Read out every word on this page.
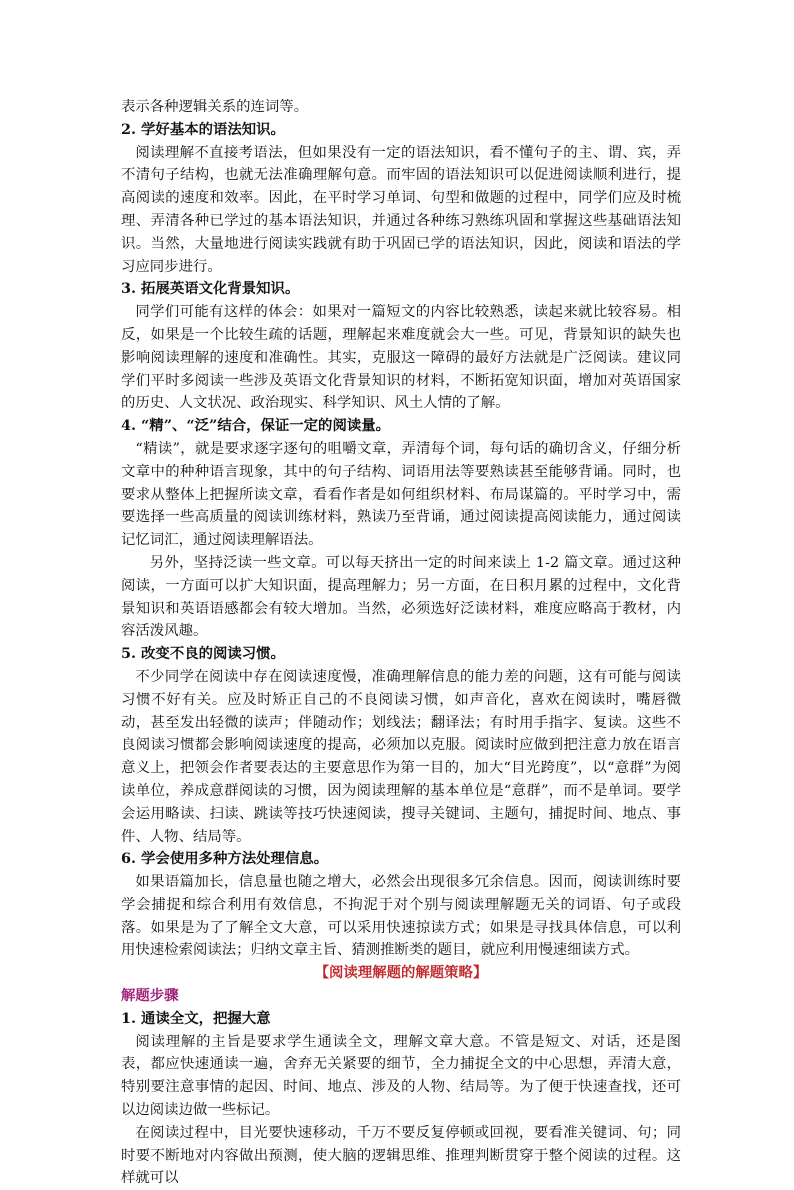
表示各种逻辑关系的连词等。

2. 学好基本的语法知识。

阅读理解不直接考语法，但如果没有一定的语法知识，看不懂句子的主、谓、宾，弄不清句子结构，也就无法准确理解句意。而牢固的语法知识可以促进阅读顺利进行，提高阅读的速度和效率。因此，在平时学习单词、句型和做题的过程中，同学们应及时梳理、弄清各种已学过的基本语法知识，并通过各种练习熟练巩固和掌握这些基础语法知识。当然，大量地进行阅读实践就有助于巩固已学的语法知识，因此，阅读和语法的学习应同步进行。

3. 拓展英语文化背景知识。

同学们可能有这样的体会：如果对一篇短文的内容比较熟悉，读起来就比较容易。相反，如果是一个比较生疏的话题，理解起来难度就会大一些。可见，背景知识的缺失也影响阅读理解的速度和准确性。其实，克服这一障碍的最好方法就是广泛阅读。建议同学们平时多阅读一些涉及英语文化背景知识的材料，不断拓宽知识面，增加对英语国家的历史、人文状况、政治现实、科学知识、风土人情的了解。

4. “精”、“泛”结合，保证一定的阅读量。

“精读”，就是要求逐字逐句的咀嚼文章，弄清每个词，每句话的确切含义，仔细分析文章中的种种语言现象，其中的句子结构、词语用法等要熟读甚至能够背诵。同时，也要求从整体上把握所读文章，看看作者是如何组织材料、布局谋篇的。平时学习中，需要选择一些高质量的阅读训练材料，熟读乃至背诵，通过阅读提高阅读能力，通过阅读记忆词汇，通过阅读理解语法。

另外，坚持泛读一些文章。可以每天挤出一定的时间来读上 1-2 篇文章。通过这种阅读，一方面可以扩大知识面，提高理解力；另一方面，在日积月累的过程中，文化背景知识和英语语感都会有较大增加。当然，必须选好泛读材料，难度应略高于教材，内容活泼风趣。

5. 改变不良的阅读习惯。

不少同学在阅读中存在阅读速度慢，准确理解信息的能力差的问题，这有可能与阅读习惯不好有关。应及时矫正自己的不良阅读习惯，如声音化，喜欢在阅读时，嘴唇微动，甚至发出轻微的读声；伴随动作；划线法；翻译法；有时用手指字、复读。这些不良阅读习惯都会影响阅读速度的提高，必须加以克服。阅读时应做到把注意力放在语言意义上，把领会作者要表达的主要意思作为第一目的，加大“目光跨度”，以“意群”为阅读单位，养成意群阅读的习惯，因为阅读理解的基本单位是“意群”，而不是单词。要学会运用略读、扫读、跳读等技巧快速阅读，搜寻关键词、主题句，捕捉时间、地点、事件、人物、结局等。

6. 学会使用多种方法处理信息。

如果语篇加长，信息量也随之增大，必然会出现很多冗余信息。因而，阅读训练时要学会捕捉和综合利用有效信息，不拘泥于对个别与阅读理解题无关的词语、句子或段落。如果是为了了解全文大意，可以采用快速掠读方式；如果是寻找具体信息，可以利用快速检索阅读法；归纳文章主旨、猜测推断类的题目，就应利用慢速细读方式。

【阅读理解题的解题策略】

解题步骤

1. 通读全文，把握大意

阅读理解的主旨是要求学生通读全文，理解文章大意。不管是短文、对话，还是图表，都应快速通读一遍，舍弃无关紧要的细节，全力捕捉全文的中心思想，弄清大意，特别要注意事情的起因、时间、地点、涉及的人物、结局等。为了便于快速查找，还可以边阅读边做一些标记。

在阅读过程中，目光要快速移动，千万不要反复停顿或回视，要看准关键词、句；同时要不断地对内容做出预测，使大脑的逻辑思维、推理判断贯穿于整个阅读的过程。这样就可以
